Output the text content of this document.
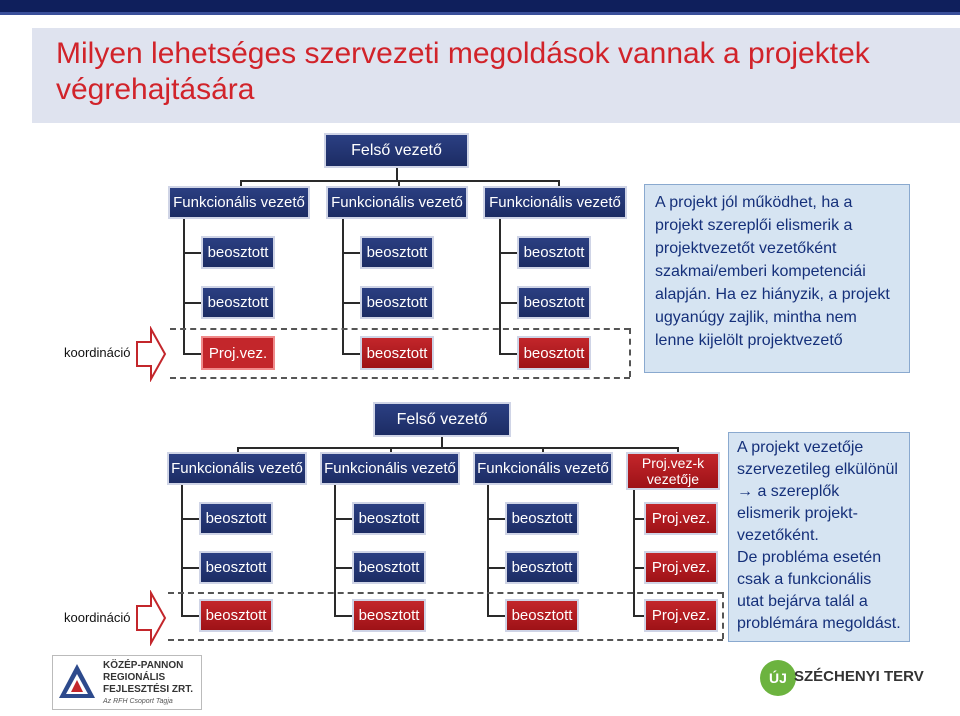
Milyen lehetséges szervezeti megoldások vannak a projektek végrehajtására
Felső vezető
Funkcionális vezető
beosztott
beosztott
Proj.vez.
Funkcionális vezető
beosztott
beosztott
beosztott
Funkcionális vezető
beosztott
beosztott
beosztott
koordináció
A projekt jól működhet, ha a projekt szereplői elismerik a projektvezetőt vezetőként szakmai/emberi kompetenciái alapján. Ha ez hiányzik, a projekt ugyanúgy zajlik, mintha nem lenne kijelölt projektvezető
Felső vezető
Funkcionális vezető
beosztott
beosztott
beosztott
Funkcionális vezető
beosztott
beosztott
beosztott
Funkcionális vezető
beosztott
beosztott
beosztott
Proj.vez-k vezetője
Proj.vez.
Proj.vez.
Proj.vez.
koordináció

A projekt vezetője szervezetileg elkülönül

→ a szereplők elismerik projekt-vezetőként.

De probléma esetén csak a funkcionális utat bejárva talál a problémára megoldást.

KÖZÉP-PANNON
REGIONÁLIS
FEJLESZTÉSI ZRT.
Az RFH Csoport Tagja
ÚJ SZÉCHENYI TERV
